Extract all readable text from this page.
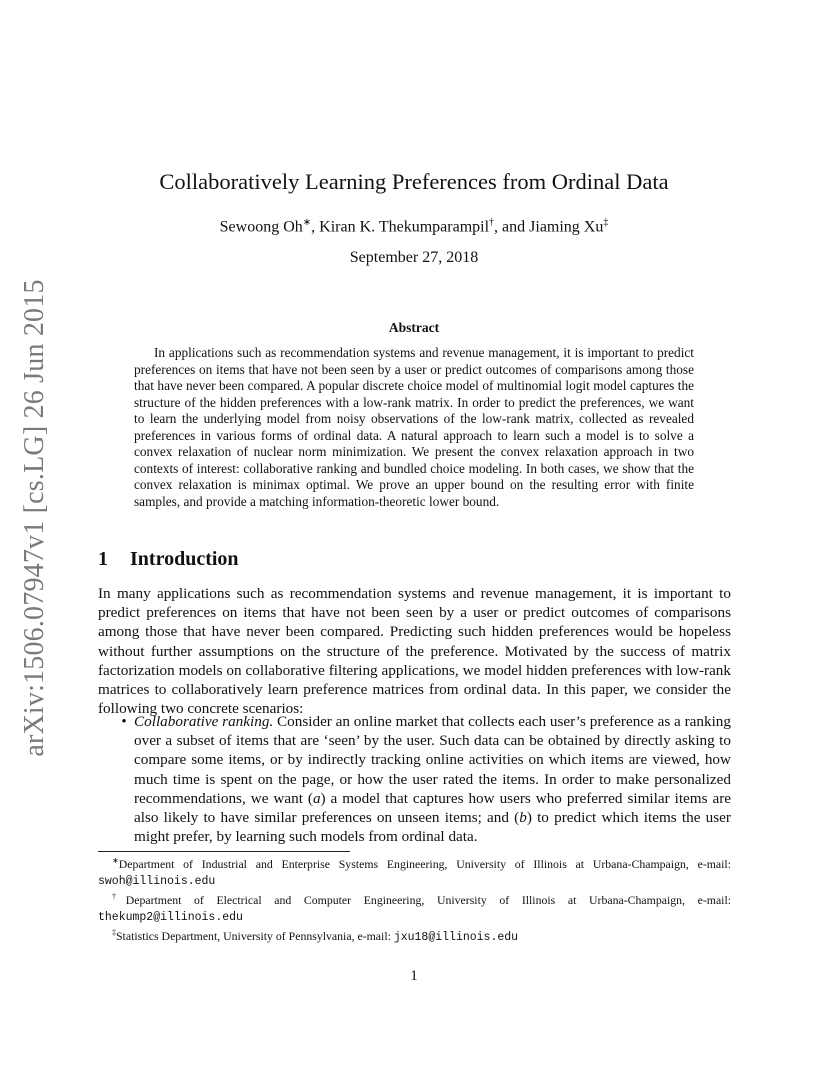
arXiv:1506.07947v1 [cs.LG] 26 Jun 2015
Collaboratively Learning Preferences from Ordinal Data
Sewoong Oh∗, Kiran K. Thekumparampil†, and Jiaming Xu‡
September 27, 2018
Abstract

In applications such as recommendation systems and revenue management, it is important to predict preferences on items that have not been seen by a user or predict outcomes of comparisons among those that have never been compared. A popular discrete choice model of multinomial logit model captures the structure of the hidden preferences with a low-rank matrix. In order to predict the preferences, we want to learn the underlying model from noisy observations of the low-rank matrix, collected as revealed preferences in various forms of ordinal data. A natural approach to learn such a model is to solve a convex relaxation of nuclear norm minimization. We present the convex relaxation approach in two contexts of interest: collaborative ranking and bundled choice modeling. In both cases, we show that the convex relaxation is minimax optimal. We prove an upper bound on the resulting error with finite samples, and provide a matching information-theoretic lower bound.

1 Introduction

In many applications such as recommendation systems and revenue management, it is important to predict preferences on items that have not been seen by a user or predict outcomes of comparisons among those that have never been compared. Predicting such hidden preferences would be hopeless without further assumptions on the structure of the preference. Motivated by the success of matrix factorization models on collaborative filtering applications, we model hidden preferences with low-rank matrices to collaboratively learn preference matrices from ordinal data. In this paper, we consider the following two concrete scenarios:

• Collaborative ranking. Consider an online market that collects each user’s preference as a ranking over a subset of items that are ‘seen’ by the user. Such data can be obtained by directly asking to compare some items, or by indirectly tracking online activities on which items are viewed, how much time is spent on the page, or how the user rated the items. In order to make personalized recommendations, we want (a) a model that captures how users who preferred similar items are also likely to have similar preferences on unseen items; and (b) to predict which items the user might prefer, by learning such models from ordinal data.

∗Department of Industrial and Enterprise Systems Engineering, University of Illinois at Urbana-Champaign, e-mail: swoh@illinois.edu

†Department of Electrical and Computer Engineering, University of Illinois at Urbana-Champaign, e-mail: thekump2@illinois.edu

‡Statistics Department, University of Pennsylvania, e-mail: jxu18@illinois.edu

1
